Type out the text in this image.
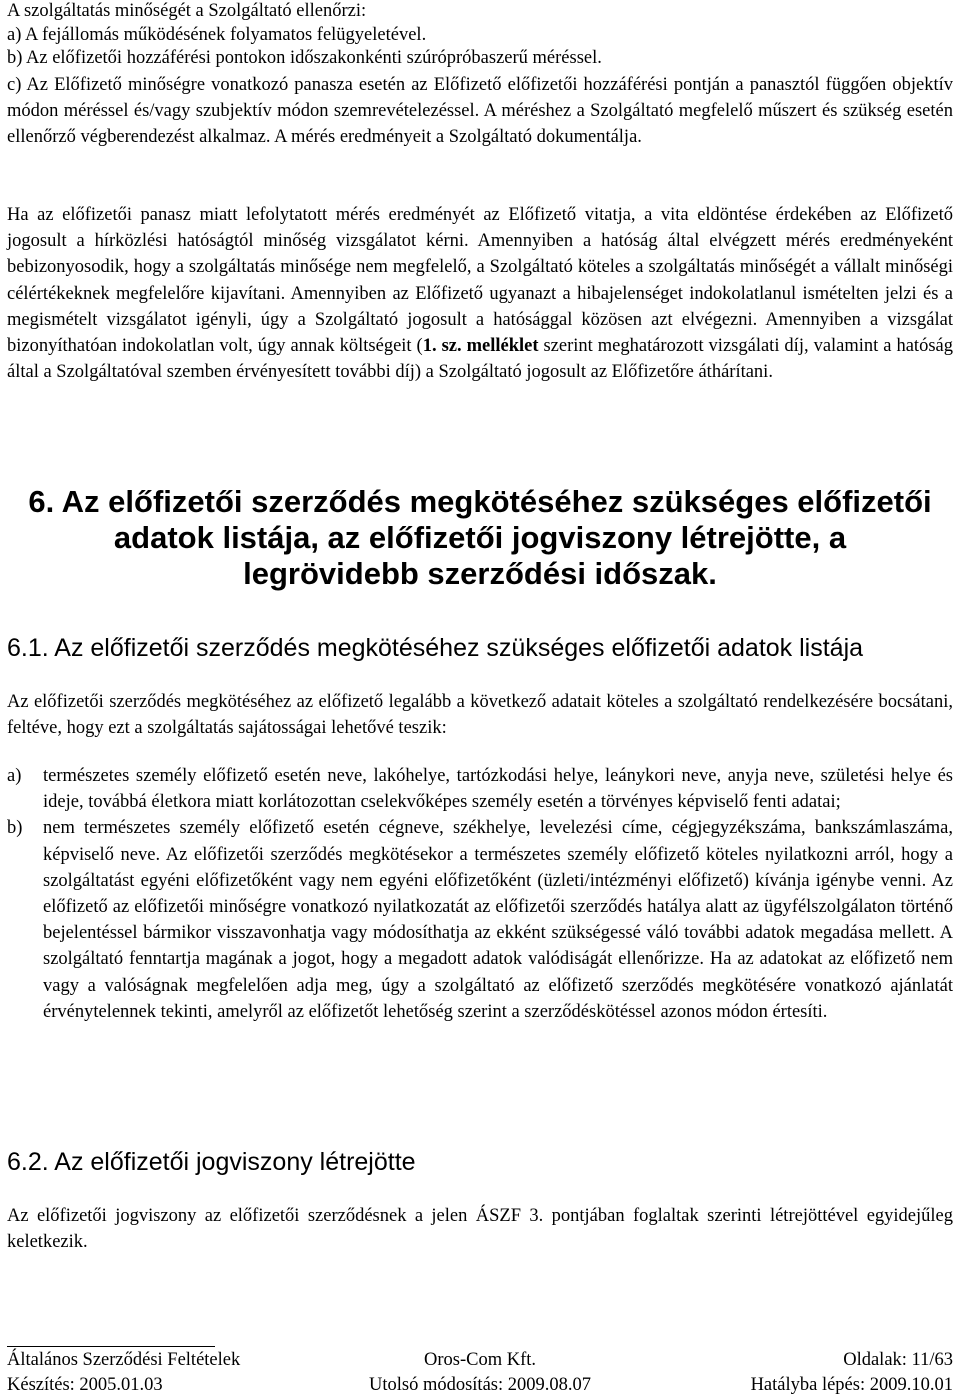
A szolgáltatás minőségét a Szolgáltató ellenőrzi:
a) A fejállomás működésének folyamatos felügyeletével.
b) Az előfizetői hozzáférési pontokon időszakonkénti szúrópróbaszerű méréssel.
c) Az Előfizető minőségre vonatkozó panasza esetén az Előfizető előfizetői hozzáférési pontján a panasztól függően objektív módon méréssel és/vagy szubjektív módon szemrevételezéssel. A méréshez a Szolgáltató megfelelő műszert és szükség esetén ellenőrző végberendezést alkalmaz. A mérés eredményeit a Szolgáltató dokumentálja.
Ha az előfizetői panasz miatt lefolytatott mérés eredményét az Előfizető vitatja, a vita eldöntése érdekében az Előfizető jogosult a hírközlési hatóságtól minőség vizsgálatot kérni. Amennyiben a hatóság által elvégzett mérés eredményeként bebizonyosodik, hogy a szolgáltatás minősége nem megfelelő, a Szolgáltató köteles a szolgáltatás minőségét a vállalt minőségi célértékeknek megfelelőre kijavítani. Amennyiben az Előfizető ugyanazt a hibajelenséget indokolatlanul ismételten jelzi és a megismételt vizsgálatot igényli, úgy a Szolgáltató jogosult a hatósággal közösen azt elvégezni. Amennyiben a vizsgálat bizonyíthatóan indokolatlan volt, úgy annak költségeit (1. sz. melléklet szerint meghatározott vizsgálati díj, valamint a hatóság által a Szolgáltatóval szemben érvényesített további díj) a Szolgáltató jogosult az Előfizetőre áthárítani.
6. Az előfizetői szerződés megkötéséhez szükséges előfizetői adatok listája, az előfizetői jogviszony létrejötte, a legrövidebb szerződési időszak.
6.1. Az előfizetői szerződés megkötéséhez szükséges előfizetői adatok listája
Az előfizetői szerződés megkötéséhez az előfizető legalább a következő adatait köteles a szolgáltató rendelkezésére bocsátani, feltéve, hogy ezt a szolgáltatás sajátosságai lehetővé teszik:
a) természetes személy előfizető esetén neve, lakóhelye, tartózkodási helye, leánykori neve, anyja neve, születési helye és ideje, továbbá életkora miatt korlátozottan cselekvőképes személy esetén a törvényes képviselő fenti adatai;
b) nem természetes személy előfizető esetén cégneve, székhelye, levelezési címe, cégjegyzékszáma, bankszámlaszáma, képviselő neve. Az előfizetői szerződés megkötésekor a természetes személy előfizető köteles nyilatkozni arról, hogy a szolgáltatást egyéni előfizetőként vagy nem egyéni előfizetőként (üzleti/intézményi előfizető) kívánja igénybe venni. Az előfizető az előfizetői minőségre vonatkozó nyilatkozatát az előfizetői szerződés hatálya alatt az ügyfélszolgálaton történő bejelentéssel bármikor visszavonhatja vagy módosíthatja az ekként szükségessé váló további adatok megadása mellett. A szolgáltató fenntartja magának a jogot, hogy a megadott adatok valódiságát ellenőrizze. Ha az adatokat az előfizető nem vagy a valóságnak megfelelően adja meg, úgy a szolgáltató az előfizető szerződés megkötésére vonatkozó ajánlatát érvénytelennek tekinti, amelyről az előfizetőt lehetőség szerint a szerződéskötéssel azonos módon értesíti.
6.2. Az előfizetői jogviszony létrejötte
Az előfizetői jogviszony az előfizetői szerződésnek a jelen ÁSZF 3. pontjában foglaltak szerinti létrejöttével egyidejűleg keletkezik.
Általános Szerződési Feltételek	Oros-Com Kft.	Oldalak: 11/63
Készítés: 2005.01.03	Utolsó módosítás: 2009.08.07	Hatályba lépés: 2009.10.01
